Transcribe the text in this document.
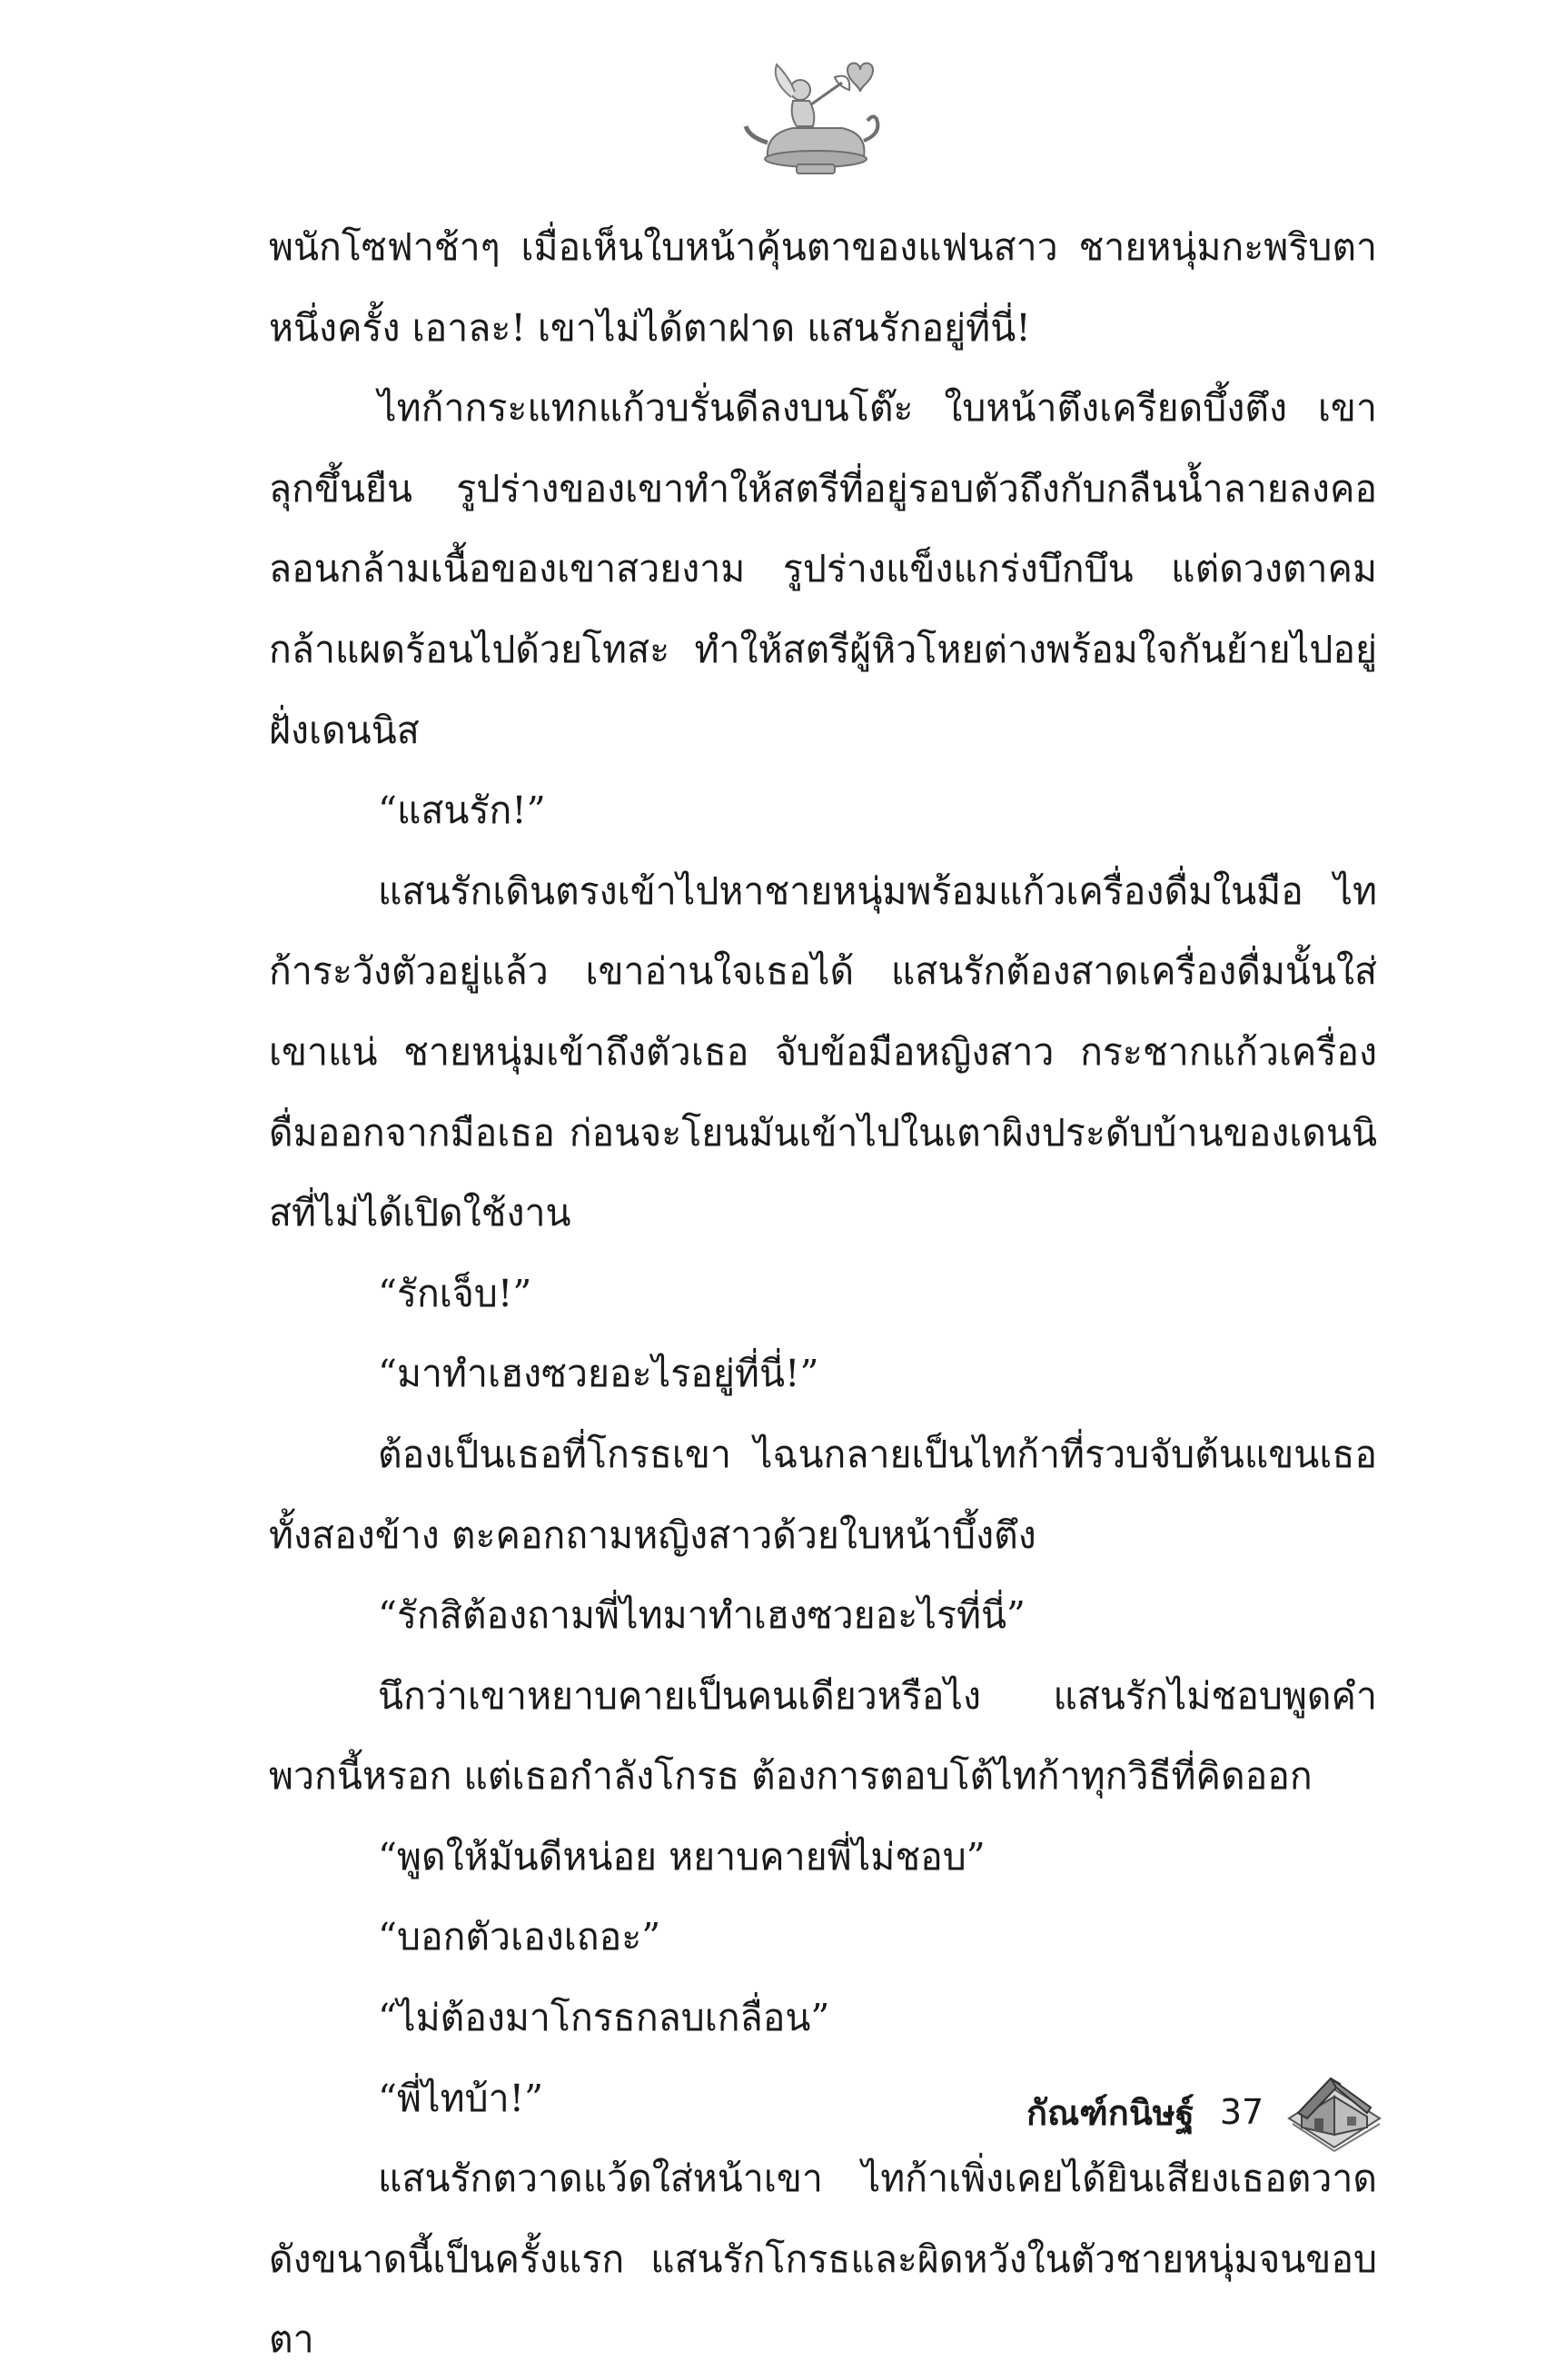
พนักโซฟาช้าๆ เมื่อเห็นใบหน้าคุ้นตาของแฟนสาว ชายหนุ่มกะพริบตาหนึ่งครั้ง เอาละ! เขาไม่ได้ตาฝาด แสนรักอยู่ที่นี่!

ไทก้ากระแทกแก้วบรั่นดีลงบนโต๊ะ ใบหน้าตึงเครียดบึ้งตึง เขาลุกขึ้นยืน รูปร่างของเขาทำให้สตรีที่อยู่รอบตัวถึงกับกลืนน้ำลายลงคอ ลอนกล้ามเนื้อของเขาสวยงาม รูปร่างแข็งแกร่งบึกบึน แต่ดวงตาคมกล้าแผดร้อนไปด้วยโทสะ ทำให้สตรีผู้หิวโหยต่างพร้อมใจกันย้ายไปอยู่ฝั่งเดนนิส

“แสนรัก!”

แสนรักเดินตรงเข้าไปหาชายหนุ่มพร้อมแก้วเครื่องดื่มในมือ ไทก้าระวังตัวอยู่แล้ว เขาอ่านใจเธอได้ แสนรักต้องสาดเครื่องดื่มนั้นใส่เขาแน่ ชายหนุ่มเข้าถึงตัวเธอ จับข้อมือหญิงสาว กระชากแก้วเครื่องดื่มออกจากมือเธอ ก่อนจะโยนมันเข้าไปในเตาผิงประดับบ้านของเดนนิสที่ไม่ได้เปิดใช้งาน

“รักเจ็บ!”

“มาทำเฮงซวยอะไรอยู่ที่นี่!”

ต้องเป็นเธอที่โกรธเขา ไฉนกลายเป็นไทก้าที่รวบจับต้นแขนเธอทั้งสองข้าง ตะคอกถามหญิงสาวด้วยใบหน้าบึ้งตึง

“รักสิต้องถามพี่ไทมาทำเฮงซวยอะไรที่นี่”

นึกว่าเขาหยาบคายเป็นคนเดียวหรือไง แสนรักไม่ชอบพูดคำพวกนี้หรอก แต่เธอกำลังโกรธ ต้องการตอบโต้ไทก้าทุกวิธีที่คิดออก

“พูดให้มันดีหน่อย หยาบคายพี่ไม่ชอบ”

“บอกตัวเองเถอะ”

“ไม่ต้องมาโกรธกลบเกลื่อน”

“พี่ไทบ้า!”

แสนรักตวาดแว้ดใส่หน้าเขา ไทก้าเพิ่งเคยได้ยินเสียงเธอตวาดดังขนาดนี้เป็นครั้งแรก แสนรักโกรธและผิดหวังในตัวชายหนุ่มจนขอบตา

กัณฑ์กนิษฐ์ 37
